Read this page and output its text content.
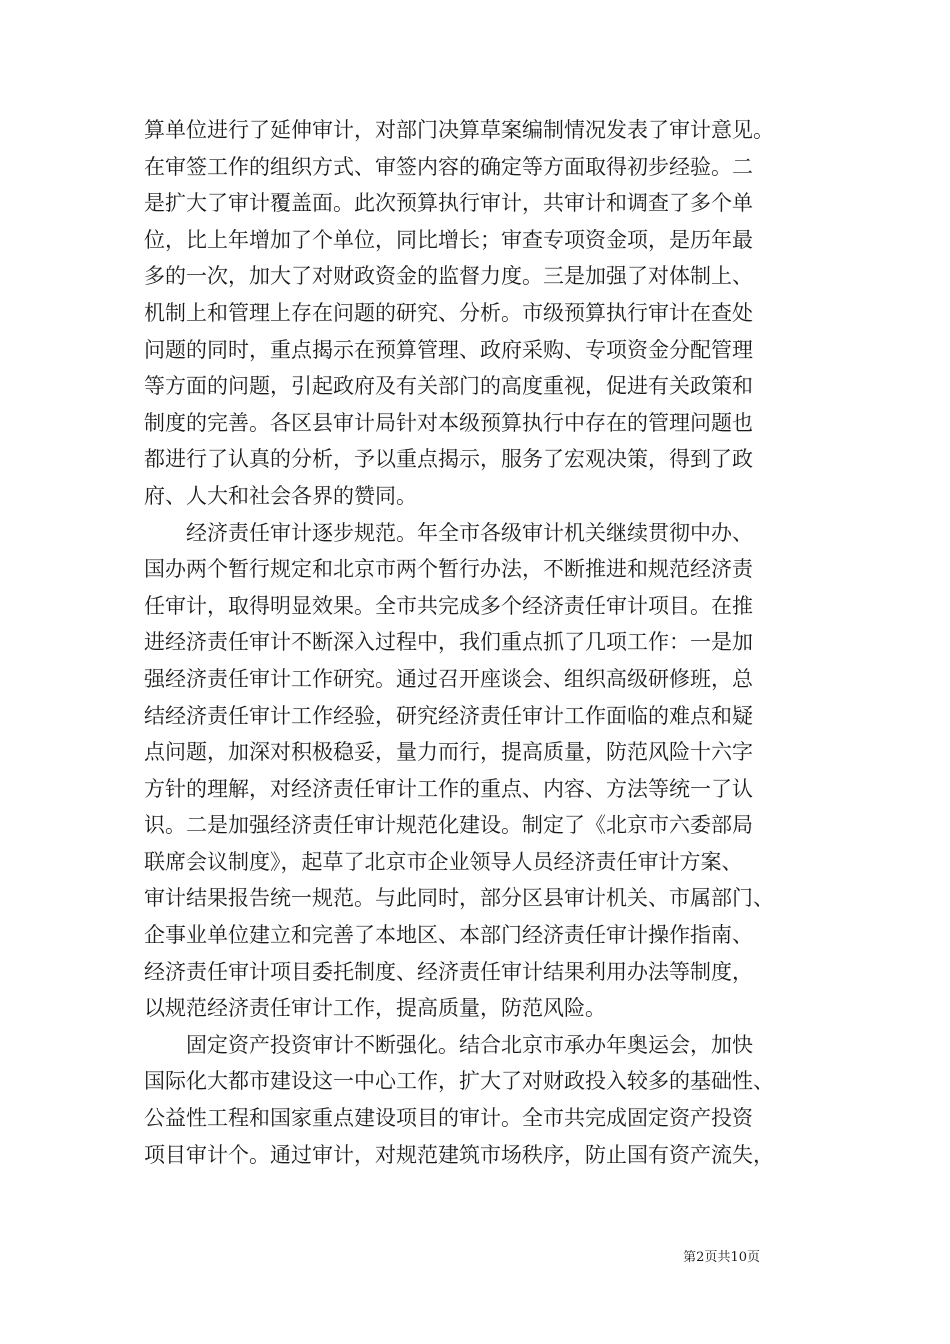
算单位进行了延伸审计，对部门决算草案编制情况发表了审计意见。
在审签工作的组织方式、审签内容的确定等方面取得初步经验。二
是扩大了审计覆盖面。此次预算执行审计，共审计和调查了多个单
位，比上年增加了个单位，同比增长；审查专项资金项，是历年最
多的一次，加大了对财政资金的监督力度。三是加强了对体制上、
机制上和管理上存在问题的研究、分析。市级预算执行审计在查处
问题的同时，重点揭示在预算管理、政府采购、专项资金分配管理
等方面的问题，引起政府及有关部门的高度重视，促进有关政策和
制度的完善。各区县审计局针对本级预算执行中存在的管理问题也
都进行了认真的分析，予以重点揭示，服务了宏观决策，得到了政
府、人大和社会各界的赞同。
　　经济责任审计逐步规范。年全市各级审计机关继续贯彻中办、
国办两个暂行规定和北京市两个暂行办法，不断推进和规范经济责
任审计，取得明显效果。全市共完成多个经济责任审计项目。在推
进经济责任审计不断深入过程中，我们重点抓了几项工作：一是加
强经济责任审计工作研究。通过召开座谈会、组织高级研修班，总
结经济责任审计工作经验，研究经济责任审计工作面临的难点和疑
点问题，加深对积极稳妥，量力而行，提高质量，防范风险十六字
方针的理解，对经济责任审计工作的重点、内容、方法等统一了认
识。二是加强经济责任审计规范化建设。制定了《北京市六委部局
联席会议制度》，起草了北京市企业领导人员经济责任审计方案、
审计结果报告统一规范。与此同时，部分区县审计机关、市属部门、
企事业单位建立和完善了本地区、本部门经济责任审计操作指南、
经济责任审计项目委托制度、经济责任审计结果利用办法等制度，
以规范经济责任审计工作，提高质量，防范风险。
　　固定资产投资审计不断强化。结合北京市承办年奥运会，加快
国际化大都市建设这一中心工作，扩大了对财政投入较多的基础性、
公益性工程和国家重点建设项目的审计。全市共完成固定资产投资
项目审计个。通过审计，对规范建筑市场秩序，防止国有资产流失，
第2页共10页
